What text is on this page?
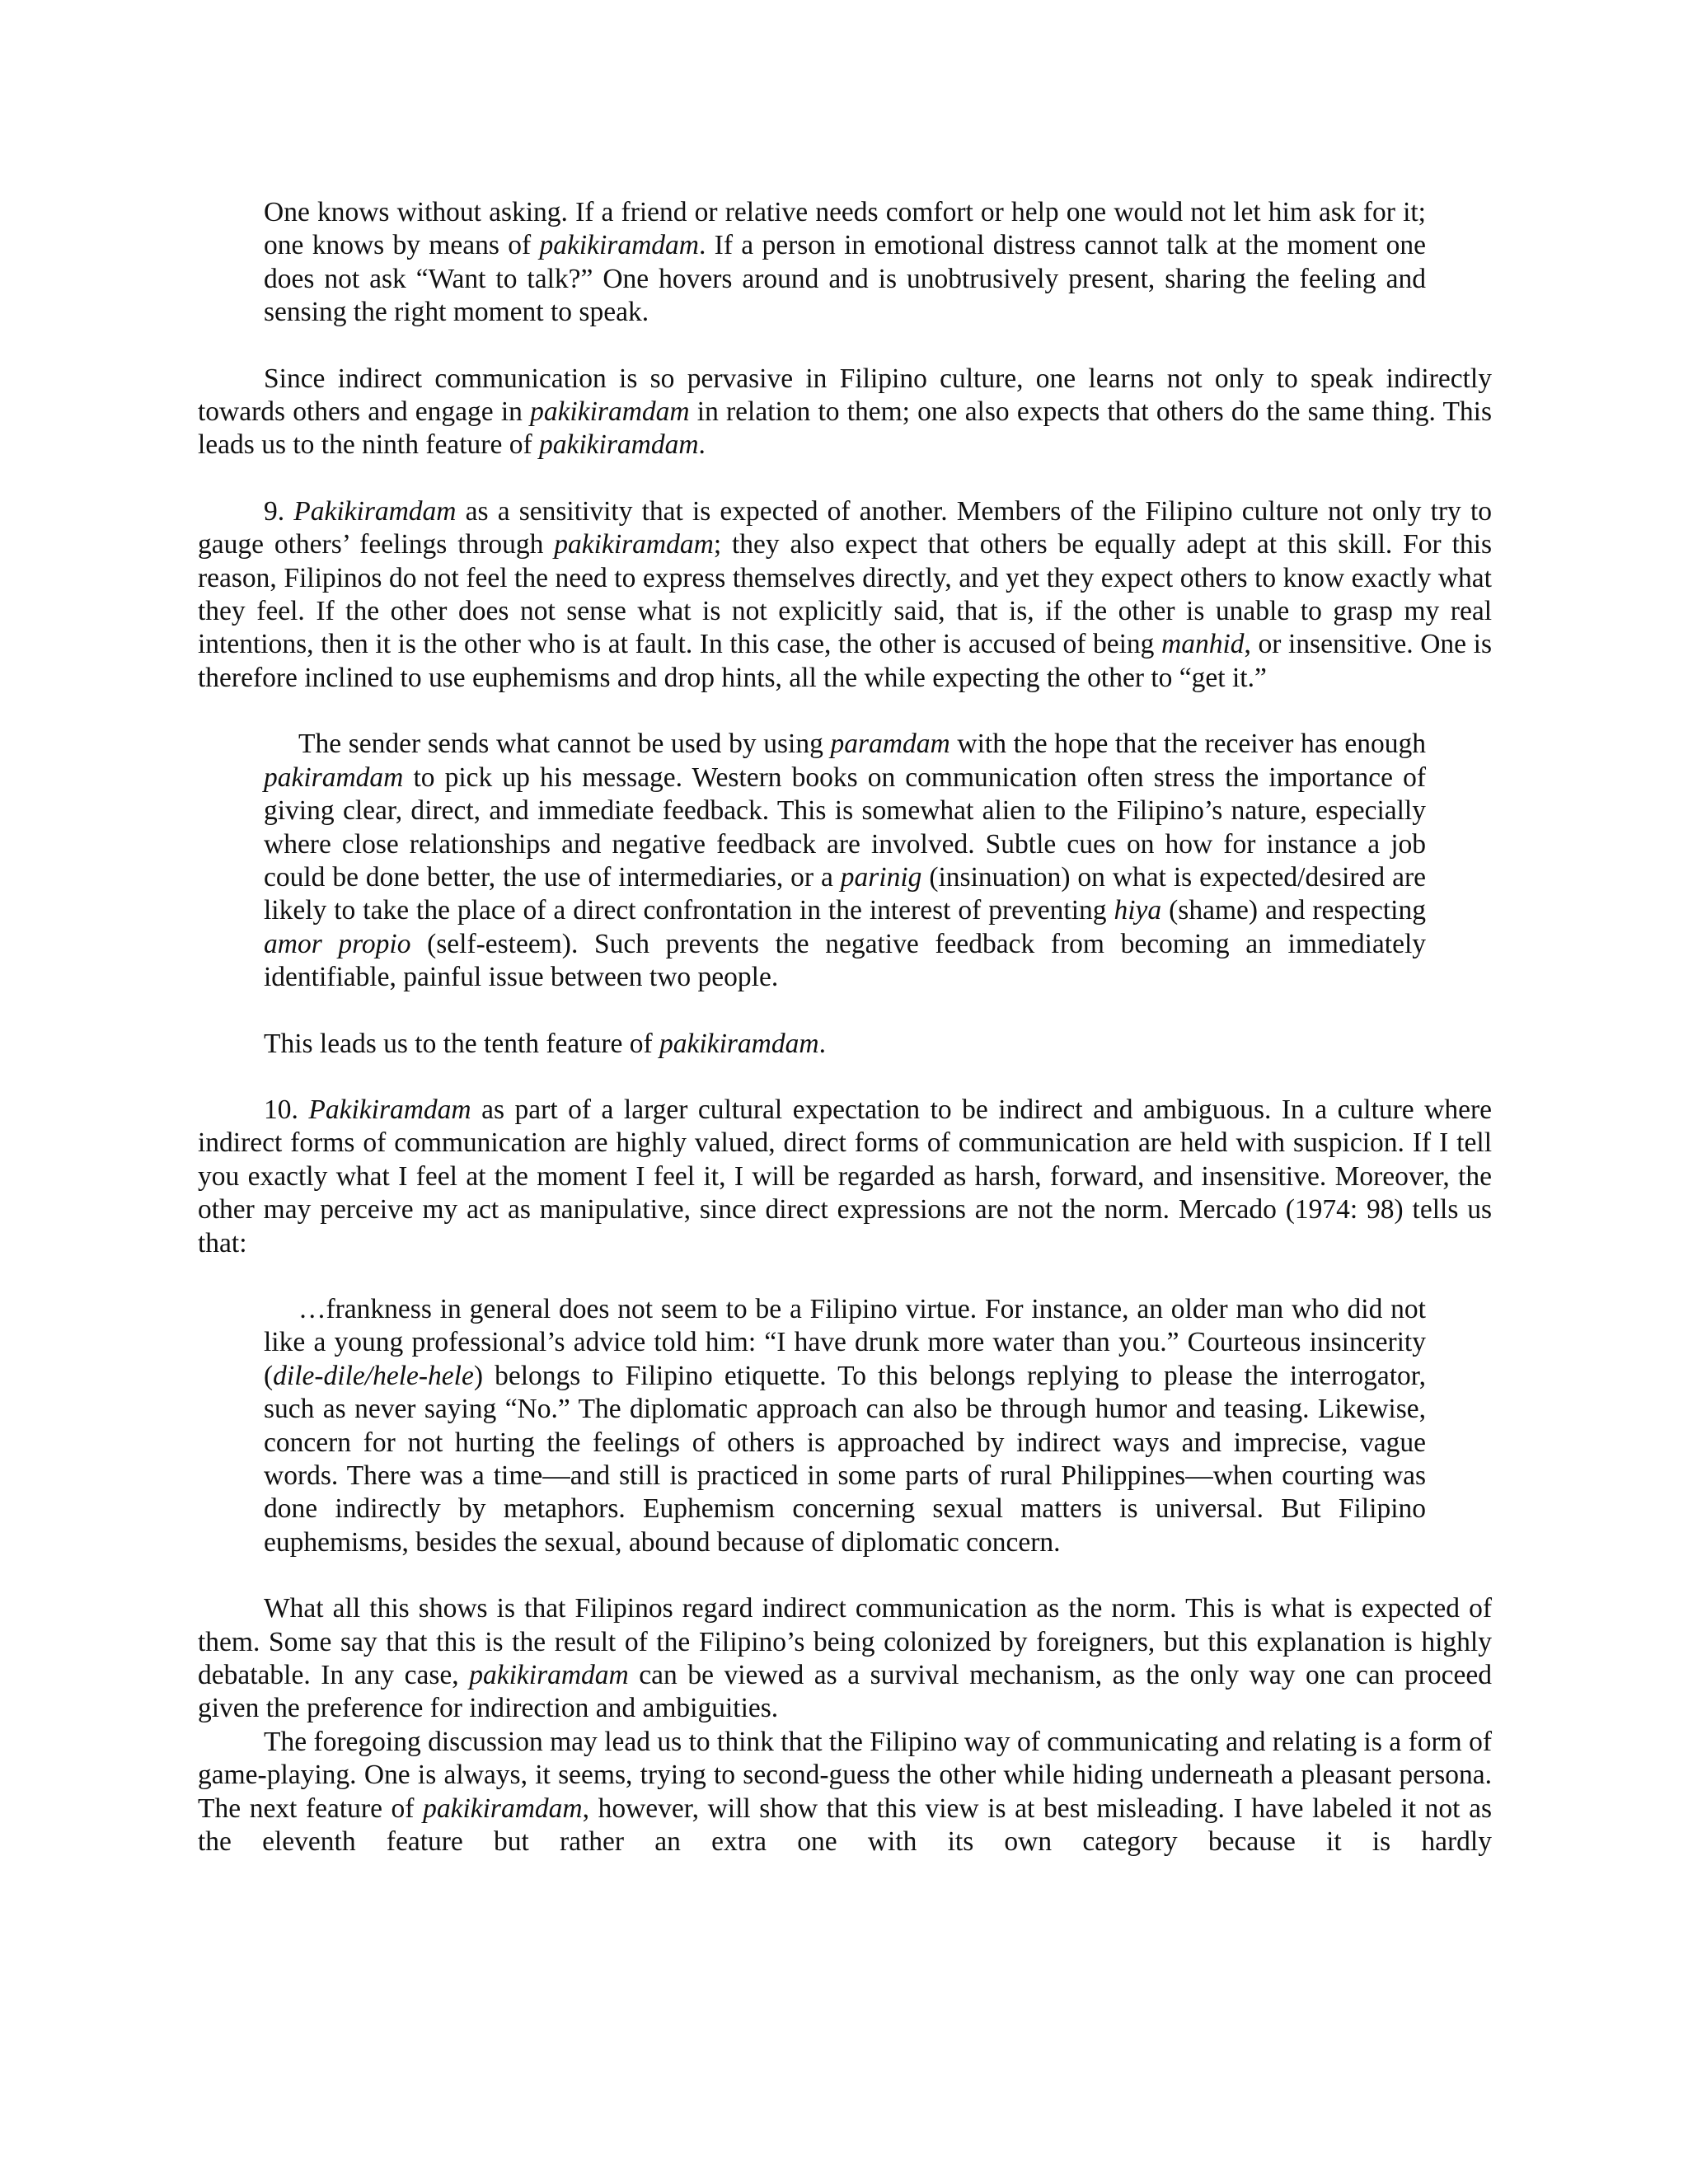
One knows without asking. If a friend or relative needs comfort or help one would not let him ask for it; one knows by means of pakikiramdam. If a person in emotional distress cannot talk at the moment one does not ask “Want to talk?” One hovers around and is unobtrusively present, sharing the feeling and sensing the right moment to speak.

Since indirect communication is so pervasive in Filipino culture, one learns not only to speak indirectly towards others and engage in pakikiramdam in relation to them; one also expects that others do the same thing. This leads us to the ninth feature of pakikiramdam.

9. Pakikiramdam as a sensitivity that is expected of another. Members of the Filipino culture not only try to gauge others’ feelings through pakikiramdam; they also expect that others be equally adept at this skill. For this reason, Filipinos do not feel the need to express themselves directly, and yet they expect others to know exactly what they feel. If the other does not sense what is not explicitly said, that is, if the other is unable to grasp my real intentions, then it is the other who is at fault. In this case, the other is accused of being manhid, or insensitive. One is therefore inclined to use euphemisms and drop hints, all the while expecting the other to “get it.”

The sender sends what cannot be used by using paramdam with the hope that the receiver has enough pakiramdam to pick up his message. Western books on communication often stress the importance of giving clear, direct, and immediate feedback. This is somewhat alien to the Filipino’s nature, especially where close relationships and negative feedback are involved. Subtle cues on how for instance a job could be done better, the use of intermediaries, or a parinig (insinuation) on what is expected/desired are likely to take the place of a direct confrontation in the interest of preventing hiya (shame) and respecting amor propio (self-esteem). Such prevents the negative feedback from becoming an immediately identifiable, painful issue between two people.

This leads us to the tenth feature of pakikiramdam.

10. Pakikiramdam as part of a larger cultural expectation to be indirect and ambiguous. In a culture where indirect forms of communication are highly valued, direct forms of communication are held with suspicion. If I tell you exactly what I feel at the moment I feel it, I will be regarded as harsh, forward, and insensitive. Moreover, the other may perceive my act as manipulative, since direct expressions are not the norm. Mercado (1974: 98) tells us that:

…frankness in general does not seem to be a Filipino virtue. For instance, an older man who did not like a young professional’s advice told him: “I have drunk more water than you.” Courteous insincerity (dile-dile/hele-hele) belongs to Filipino etiquette. To this belongs replying to please the interrogator, such as never saying “No.” The diplomatic approach can also be through humor and teasing. Likewise, concern for not hurting the feelings of others is approached by indirect ways and imprecise, vague words. There was a time—and still is practiced in some parts of rural Philippines—when courting was done indirectly by metaphors. Euphemism concerning sexual matters is universal. But Filipino euphemisms, besides the sexual, abound because of diplomatic concern.

What all this shows is that Filipinos regard indirect communication as the norm. This is what is expected of them. Some say that this is the result of the Filipino’s being colonized by foreigners, but this explanation is highly debatable. In any case, pakikiramdam can be viewed as a survival mechanism, as the only way one can proceed given the preference for indirection and ambiguities.

The foregoing discussion may lead us to think that the Filipino way of communicating and relating is a form of game-playing. One is always, it seems, trying to second-guess the other while hiding underneath a pleasant persona. The next feature of pakikiramdam, however, will show that this view is at best misleading. I have labeled it not as the eleventh feature but rather an extra one with its own category because it is hardly
